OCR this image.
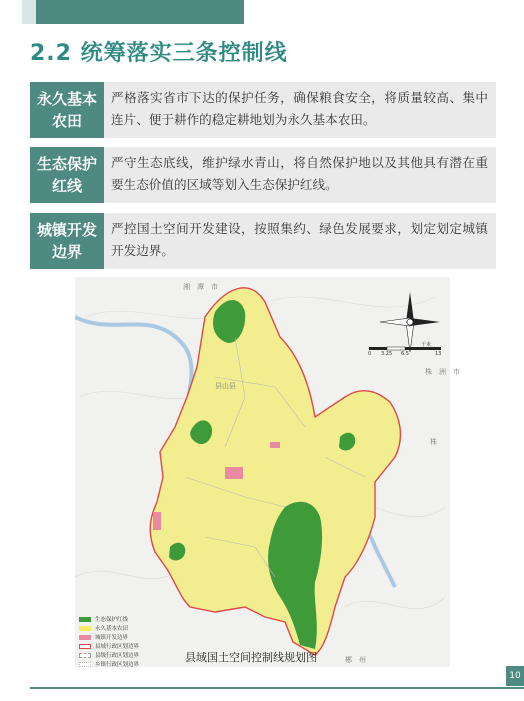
2.2 统筹落实三条控制线
永久基本农田
严格落实省市下达的保护任务，确保粮食安全，将质量较高、集中连片、便于耕作的稳定耕地划为永久基本农田。
生态保护红线
严守生态底线，维护绿水青山，将自然保护地以及其他具有潜在重要生态价值的区域等划入生态保护红线。
城镇开发边界
严控国土空间开发建设，按照集约、绿色发展要求，划定划定城镇开发边界。
湘　潭　市
株　洲　市
县山县
株
郴　州
0 3.25 6.5	13
千米
生态保护红线
永久基本农田
城镇开发边界
县域行政区划边界
县级行政区划边界
乡镇行政区划边界
县域国土空间控制线规划图
10
